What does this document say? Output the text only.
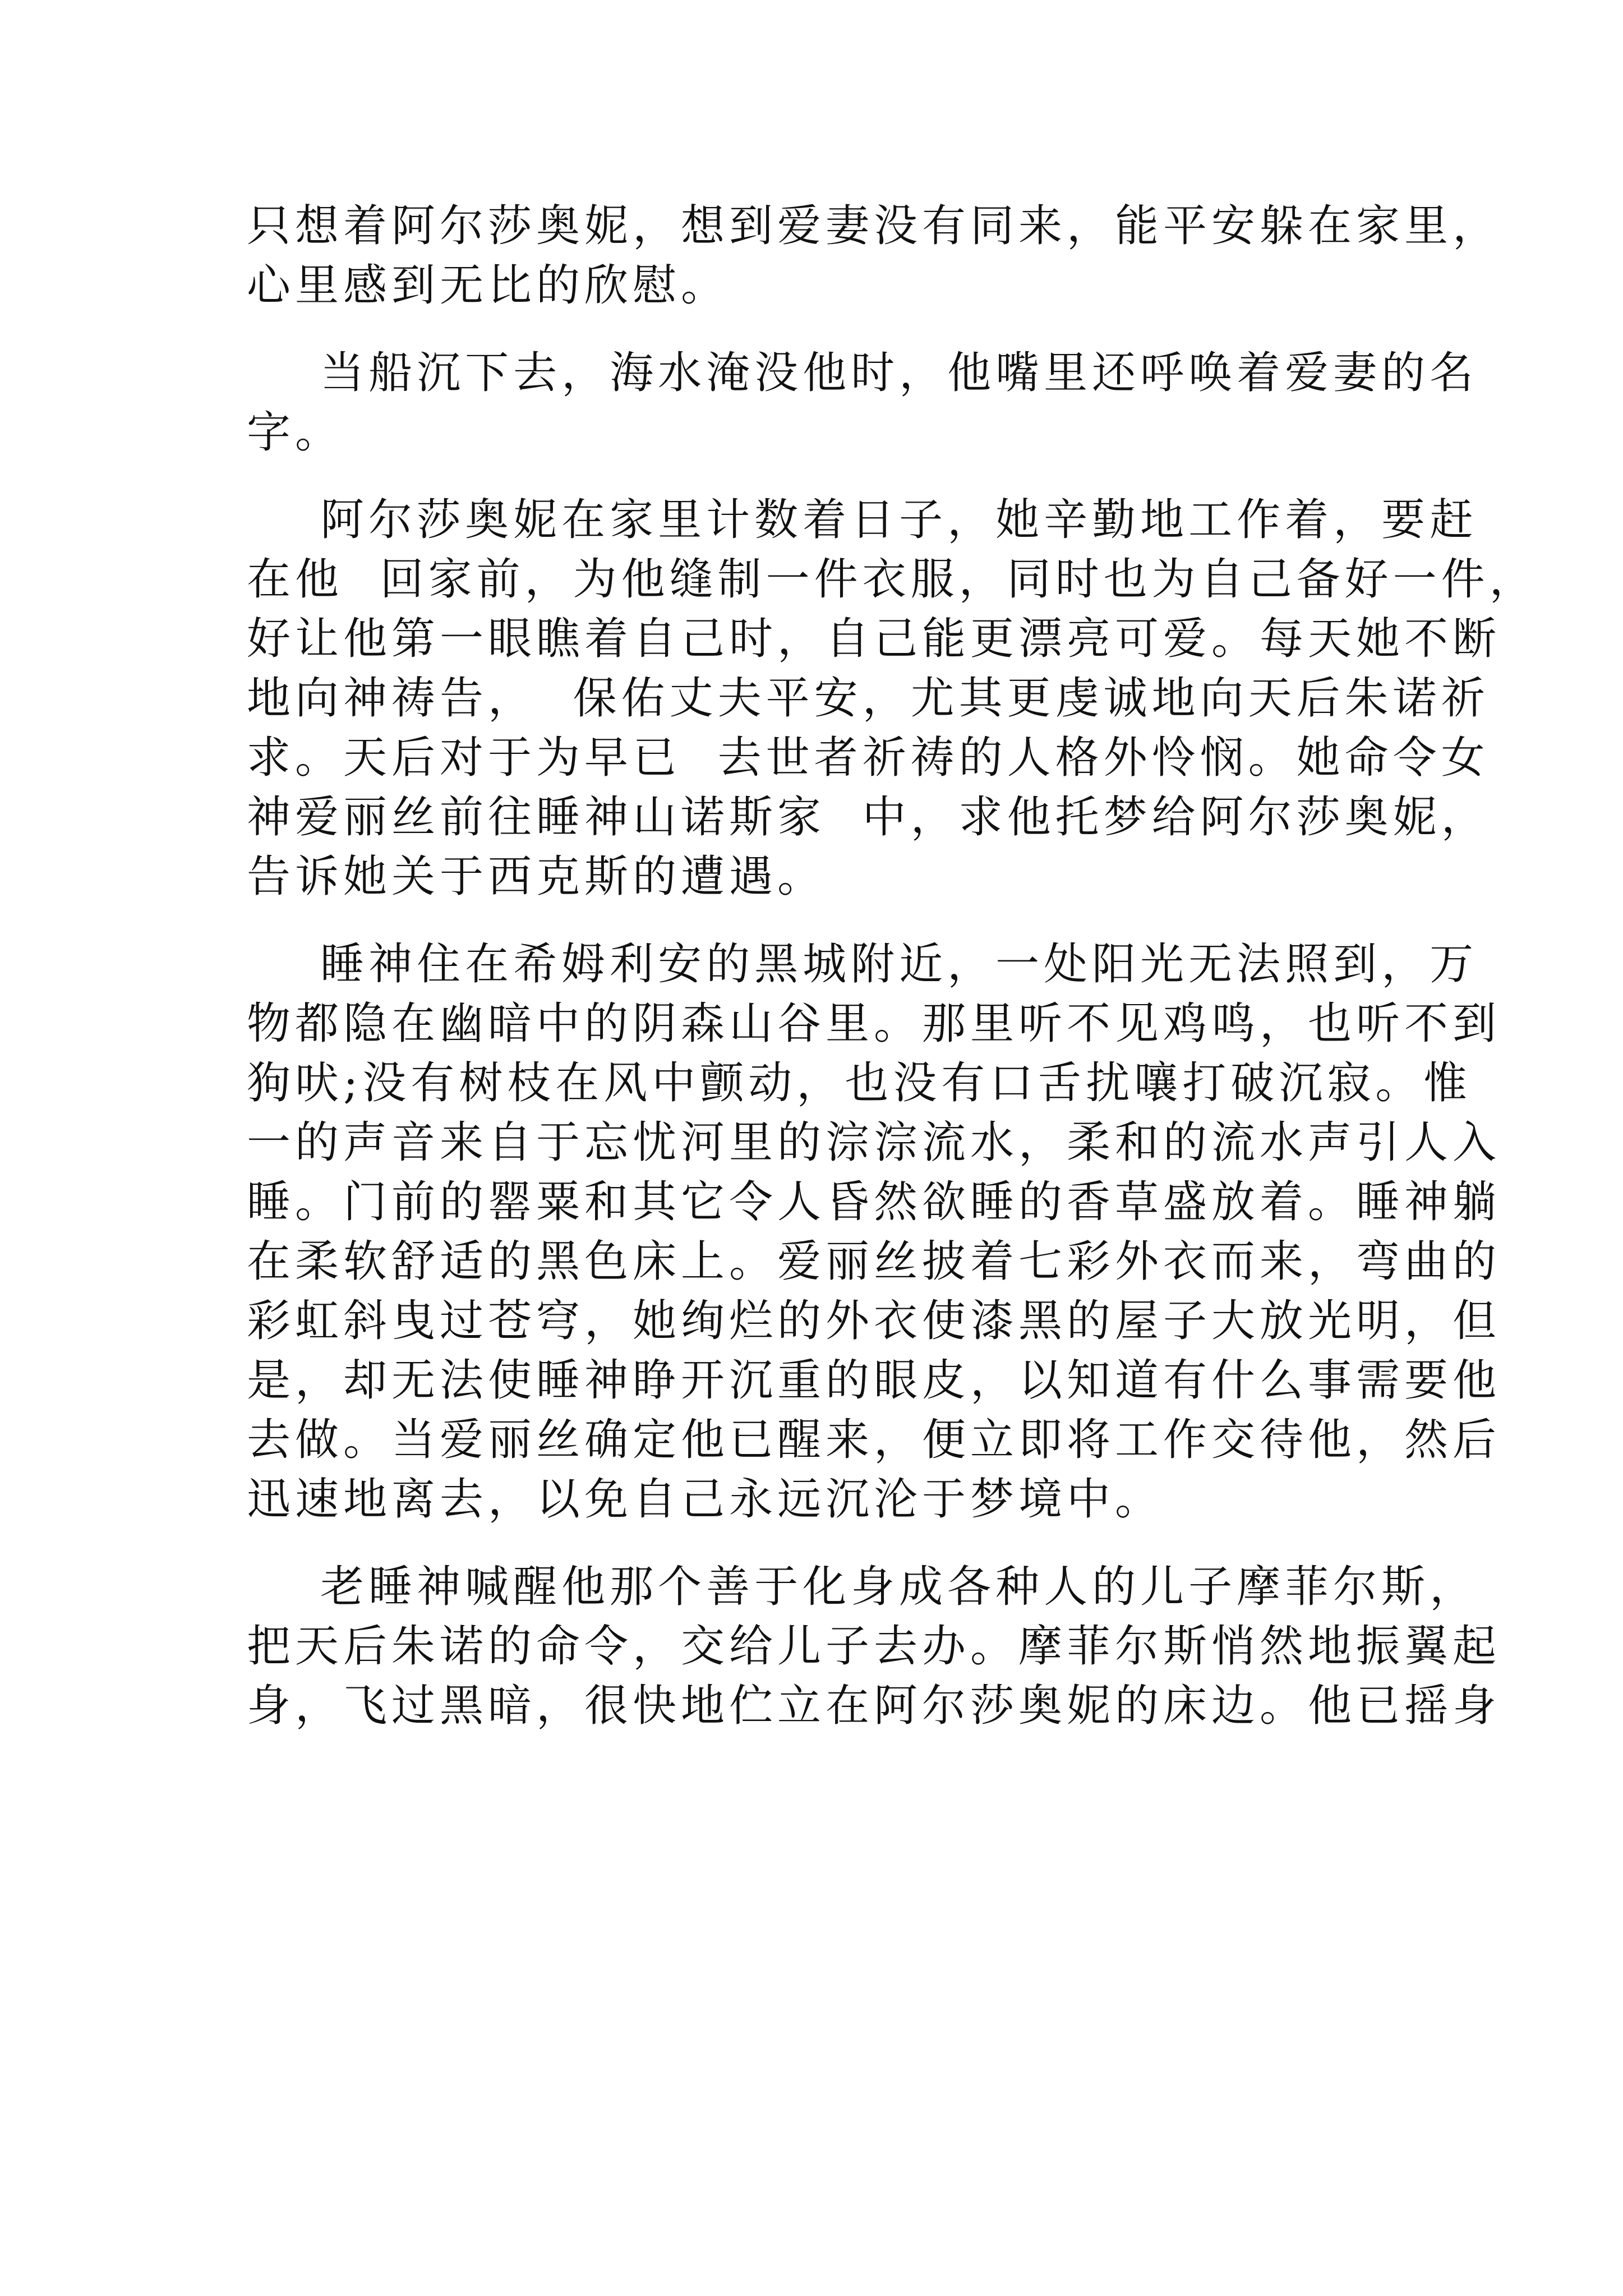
只想着阿尔莎奥妮，想到爱妻没有同来，能平安躲在家里，
心里感到无比的欣慰。
当船沉下去，海水淹没他时，他嘴里还呼唤着爱妻的名
字。
阿尔莎奥妮在家里计数着日子，她辛勤地工作着，要赶
在他  回家前，为他缝制一件衣服，同时也为自己备好一件，
好让他第一眼瞧着自己时，自己能更漂亮可爱。每天她不断
地向神祷告，  保佑丈夫平安，尤其更虔诚地向天后朱诺祈
求。天后对于为早已  去世者祈祷的人格外怜悯。她命令女
神爱丽丝前往睡神山诺斯家  中，求他托梦给阿尔莎奥妮，
告诉她关于西克斯的遭遇。
睡神住在希姆利安的黑城附近，一处阳光无法照到，万
物都隐在幽暗中的阴森山谷里。那里听不见鸡鸣，也听不到
狗吠;没有树枝在风中颤动，也没有口舌扰嚷打破沉寂。惟
一的声音来自于忘忧河里的淙淙流水，柔和的流水声引人入
睡。门前的罂粟和其它令人昏然欲睡的香草盛放着。睡神躺
在柔软舒适的黑色床上。爱丽丝披着七彩外衣而来，弯曲的
彩虹斜曳过苍穹，她绚烂的外衣使漆黑的屋子大放光明，但
是，却无法使睡神睁开沉重的眼皮，以知道有什么事需要他
去做。当爱丽丝确定他已醒来，便立即将工作交待他，然后
迅速地离去，以免自己永远沉沦于梦境中。
老睡神喊醒他那个善于化身成各种人的儿子摩菲尔斯，
把天后朱诺的命令，交给儿子去办。摩菲尔斯悄然地振翼起
身，飞过黑暗，很快地伫立在阿尔莎奥妮的床边。他已摇身
